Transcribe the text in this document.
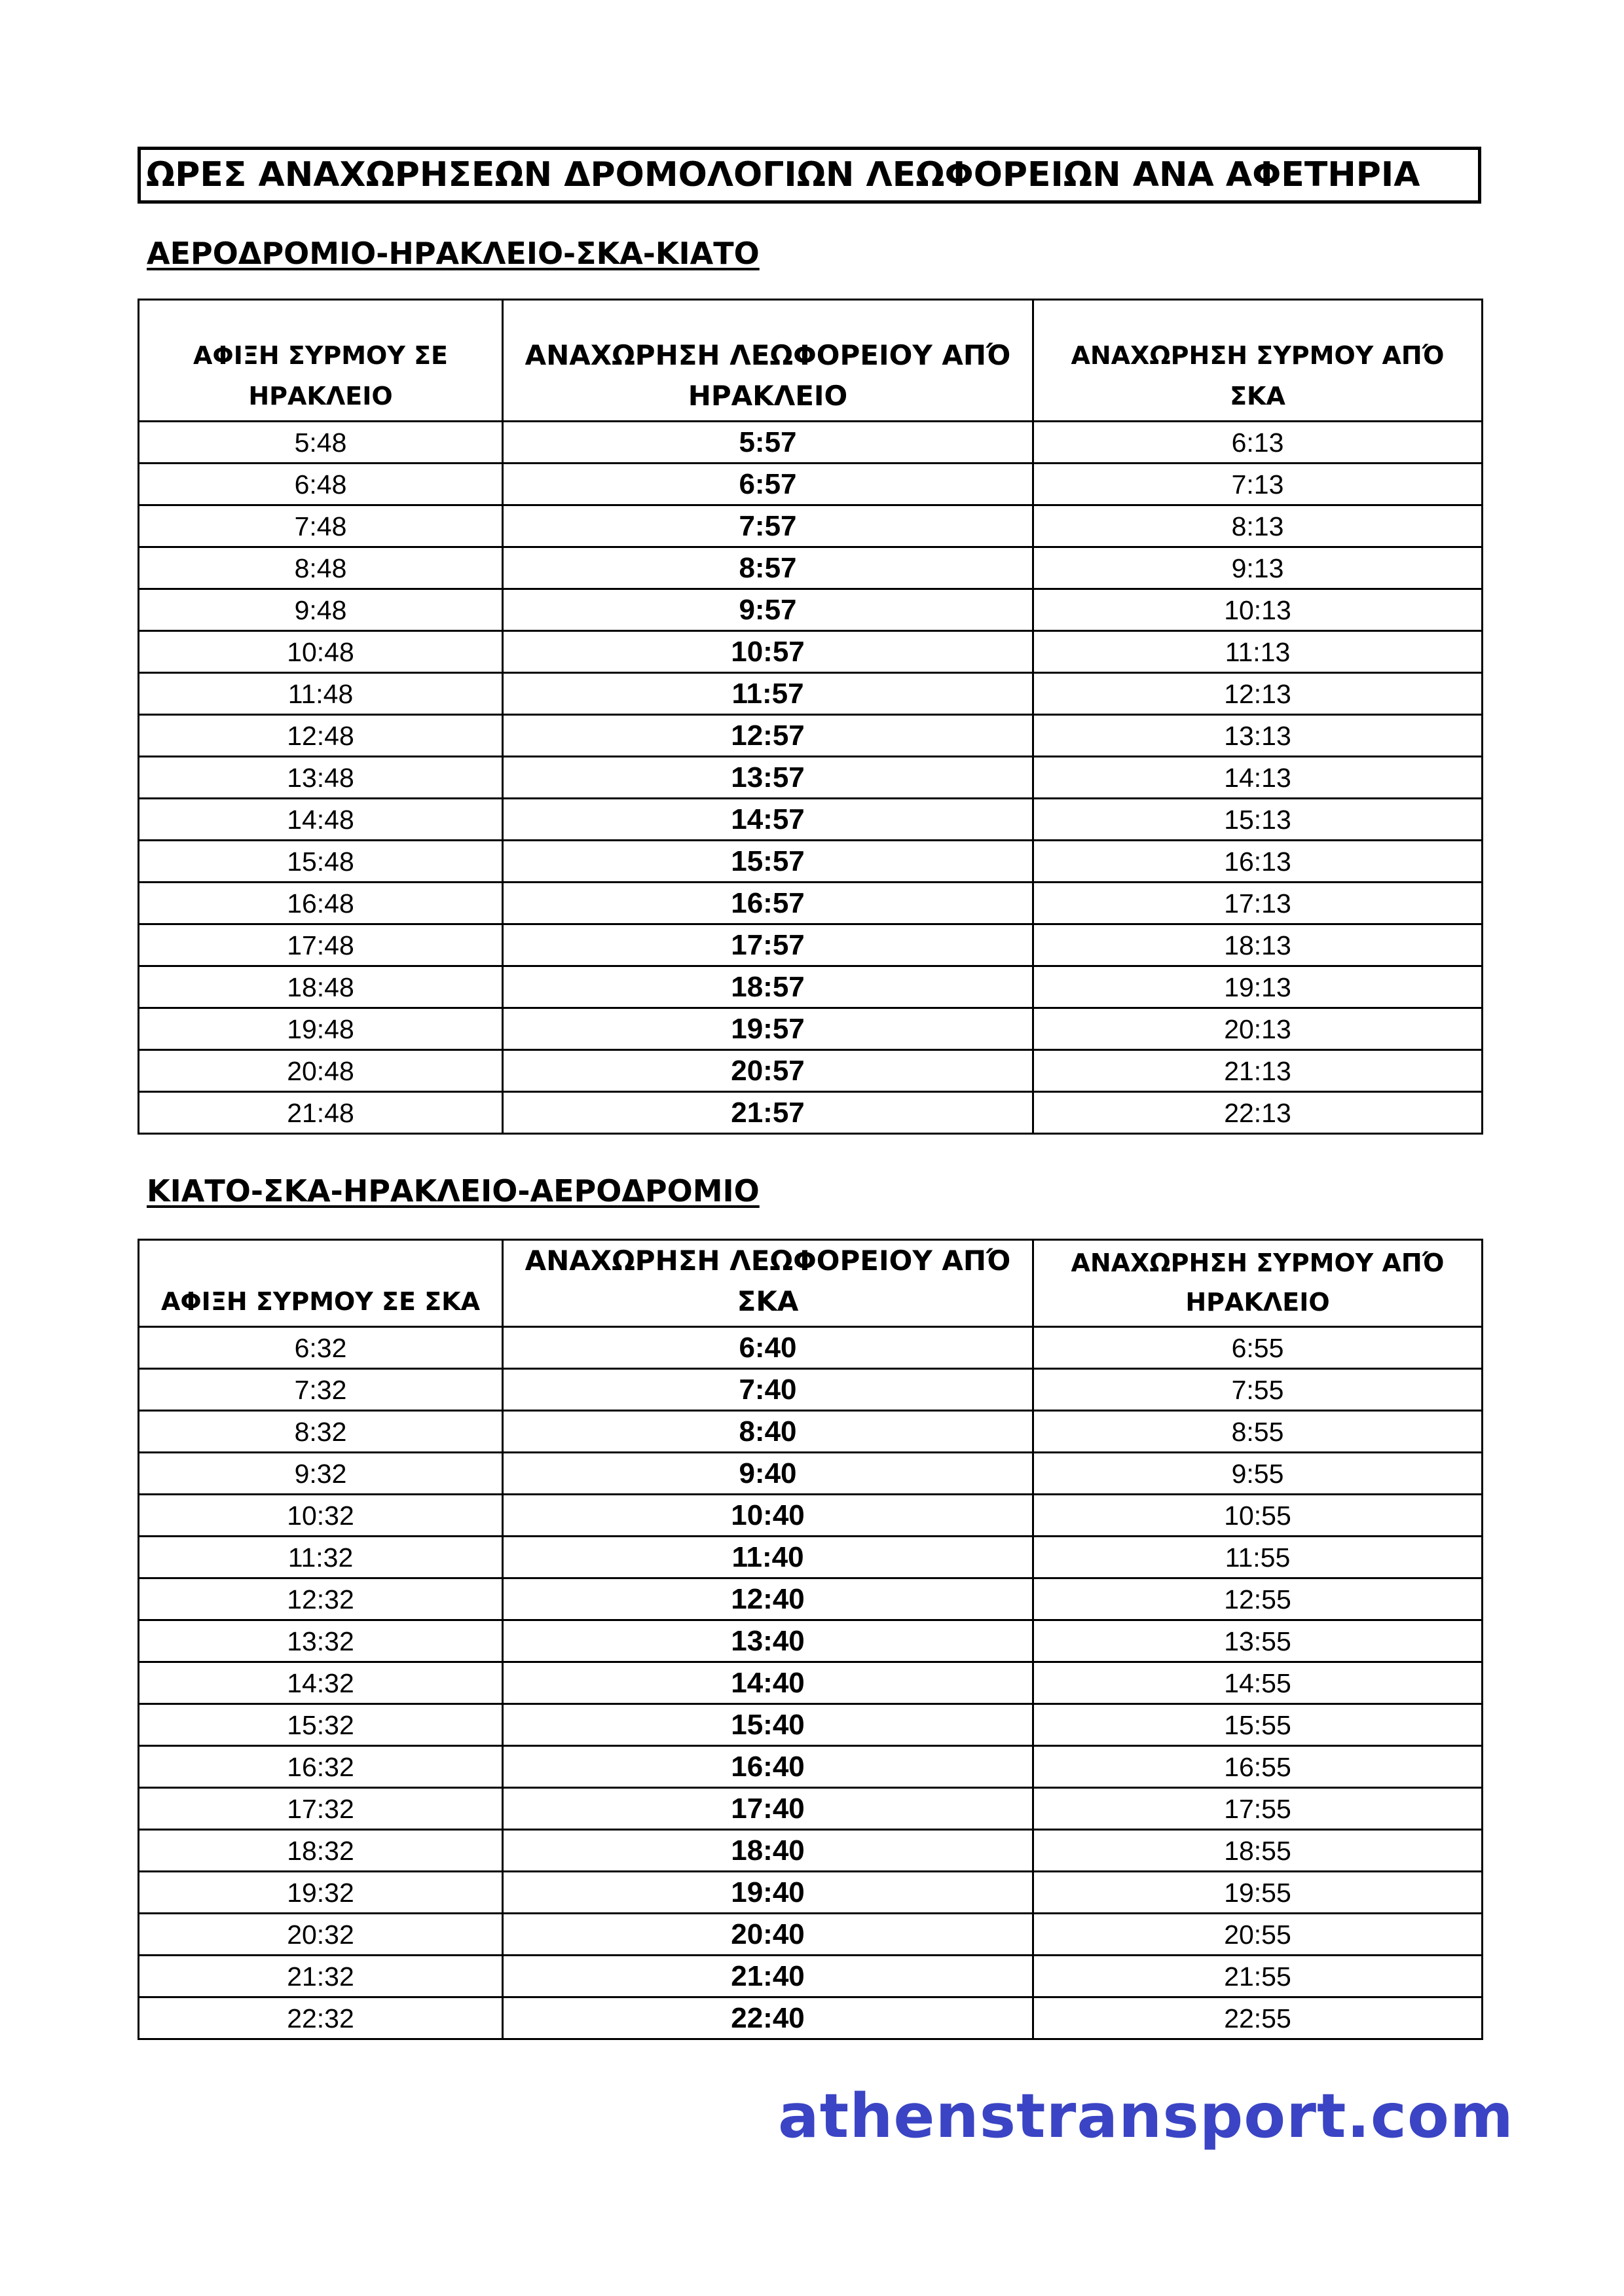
ΩΡΕΣ ΑΝΑΧΩΡΗΣΕΩΝ ΔΡΟΜΟΛΟΓΙΩΝ ΛΕΩΦΟΡΕΙΩΝ ΑΝΑ ΑΦΕΤΗΡΙΑ
ΑΕΡΟΔΡΟΜΙΟ-ΗΡΑΚΛΕΙΟ-ΣΚΑ-ΚΙΑΤΟ
ΑΦΙΞΗ ΣΥΡΜΟΥ ΣΕ ΗΡΑΚΛΕΙΟ	ΑΝΑΧΩΡΗΣΗ ΛΕΩΦΟΡΕΙΟΥ ΑΠΌ ΗΡΑΚΛΕΙΟ	ΑΝΑΧΩΡΗΣΗ ΣΥΡΜΟΥ ΑΠΌ ΣΚΑ
5:48	5:57	6:13
6:48	6:57	7:13
7:48	7:57	8:13
8:48	8:57	9:13
9:48	9:57	10:13
10:48	10:57	11:13
11:48	11:57	12:13
12:48	12:57	13:13
13:48	13:57	14:13
14:48	14:57	15:13
15:48	15:57	16:13
16:48	16:57	17:13
17:48	17:57	18:13
18:48	18:57	19:13
19:48	19:57	20:13
20:48	20:57	21:13
21:48	21:57	22:13
ΚΙΑΤΟ-ΣΚΑ-ΗΡΑΚΛΕΙΟ-ΑΕΡΟΔΡΟΜΙΟ
ΑΦΙΞΗ ΣΥΡΜΟΥ ΣΕ ΣΚΑ	ΑΝΑΧΩΡΗΣΗ ΛΕΩΦΟΡΕΙΟΥ ΑΠΌ ΣΚΑ	ΑΝΑΧΩΡΗΣΗ ΣΥΡΜΟΥ ΑΠΌ ΗΡΑΚΛΕΙΟ
6:32	6:40	6:55
7:32	7:40	7:55
8:32	8:40	8:55
9:32	9:40	9:55
10:32	10:40	10:55
11:32	11:40	11:55
12:32	12:40	12:55
13:32	13:40	13:55
14:32	14:40	14:55
15:32	15:40	15:55
16:32	16:40	16:55
17:32	17:40	17:55
18:32	18:40	18:55
19:32	19:40	19:55
20:32	20:40	20:55
21:32	21:40	21:55
22:32	22:40	22:55
athenstransport.com
